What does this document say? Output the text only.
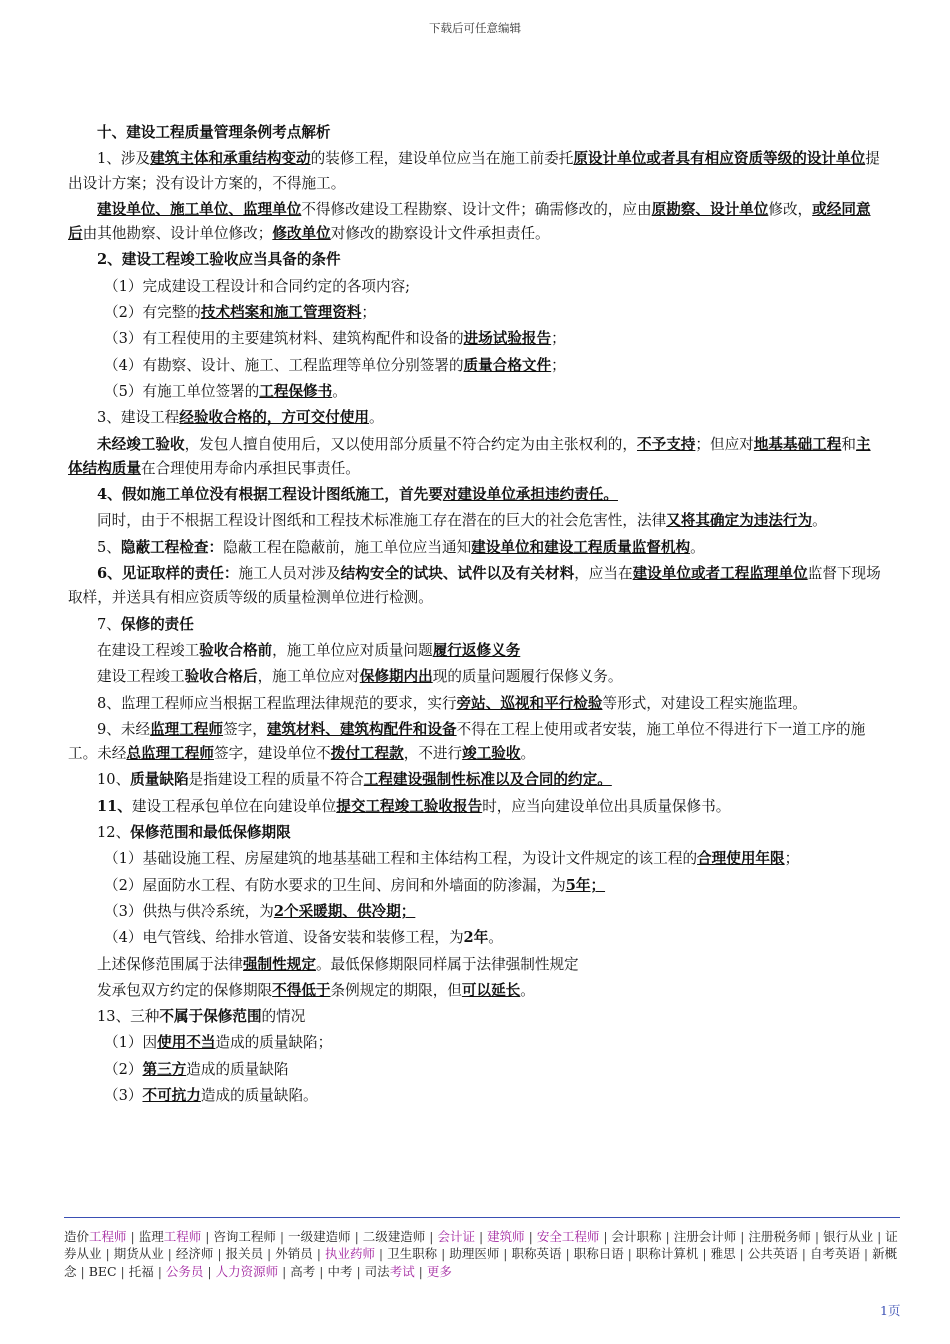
下载后可任意编辑

十、建设工程质量管理条例考点解析

1、涉及建筑主体和承重结构变动的装修工程，建设单位应当在施工前委托原设计单位或者具有相应资质等级的设计单位提出设计方案；没有设计方案的，不得施工。

建设单位、施工单位、监理单位不得修改建设工程勘察、设计文件；确需修改的，应由原勘察、设计单位修改，或经同意后由其他勘察、设计单位修改；修改单位对修改的勘察设计文件承担责任。

2、建设工程竣工验收应当具备的条件

（1）完成建设工程设计和合同约定的各项内容;

（2）有完整的技术档案和施工管理资料；

（3）有工程使用的主要建筑材料、建筑构配件和设备的进场试验报告；

（4）有勘察、设计、施工、工程监理等单位分别签署的质量合格文件；

（5）有施工单位签署的工程保修书。

3、建设工程经验收合格的，方可交付使用。

未经竣工验收，发包人擅自使用后，又以使用部分质量不符合约定为由主张权利的，不予支持；但应对地基基础工程和主体结构质量在合理使用寿命内承担民事责任。

4、假如施工单位没有根据工程设计图纸施工，首先要对建设单位承担违约责任。

同时，由于不根据工程设计图纸和工程技术标准施工存在潜在的巨大的社会危害性，法律又将其确定为违法行为。

5、隐蔽工程检查：隐蔽工程在隐蔽前，施工单位应当通知建设单位和建设工程质量监督机构。

6、见证取样的责任：施工人员对涉及结构安全的试块、试件以及有关材料，应当在建设单位或者工程监理单位监督下现场取样，并送具有相应资质等级的质量检测单位进行检测。

7、保修的责任

在建设工程竣工验收合格前，施工单位应对质量问题履行返修义务

建设工程竣工验收合格后，施工单位应对保修期内出现的质量问题履行保修义务。

8、监理工程师应当根据工程监理法律规范的要求，实行旁站、巡视和平行检验等形式，对建设工程实施监理。

9、未经监理工程师签字，建筑材料、建筑构配件和设备不得在工程上使用或者安装，施工单位不得进行下一道工序的施工。未经总监理工程师签字，建设单位不拨付工程款，不进行竣工验收。

10、质量缺陷是指建设工程的质量不符合工程建设强制性标准以及合同的约定。

11、建设工程承包单位在向建设单位提交工程竣工验收报告时，应当向建设单位出具质量保修书。

12、保修范围和最低保修期限

（1）基础设施工程、房屋建筑的地基基础工程和主体结构工程，为设计文件规定的该工程的合理使用年限；

（2）屋面防水工程、有防水要求的卫生间、房间和外墙面的防渗漏，为5年；

（3）供热与供冷系统，为2个采暖期、供冷期；

（4）电气管线、给排水管道、设备安装和装修工程，为2年。

上述保修范围属于法律强制性规定。最低保修期限同样属于法律强制性规定

发承包双方约定的保修期限不得低于条例规定的期限，但可以延长。

13、三种不属于保修范围的情况

（1）因使用不当造成的质量缺陷；

（2）第三方造成的质量缺陷

（3）不可抗力造成的质量缺陷。

造价工程师 | 监理工程师 | 咨询工程师 | 一级建造师 | 二级建造师 | 会计证 | 建筑师 | 安全工程师 | 会计职称 | 注册会计师 | 注册税务师 | 银行从业 | 证券从业 | 期货从业 | 经济师 | 报关员 | 外销员 | 执业药师 | 卫生职称 | 助理医师 | 职称英语 | 职称日语 | 职称计算机 | 雅思 | 公共英语 | 自考英语 | 新概念 | BEC | 托福 | 公务员 | 人力资源师 | 高考 | 中考 | 司法考试 | 更多
1页
